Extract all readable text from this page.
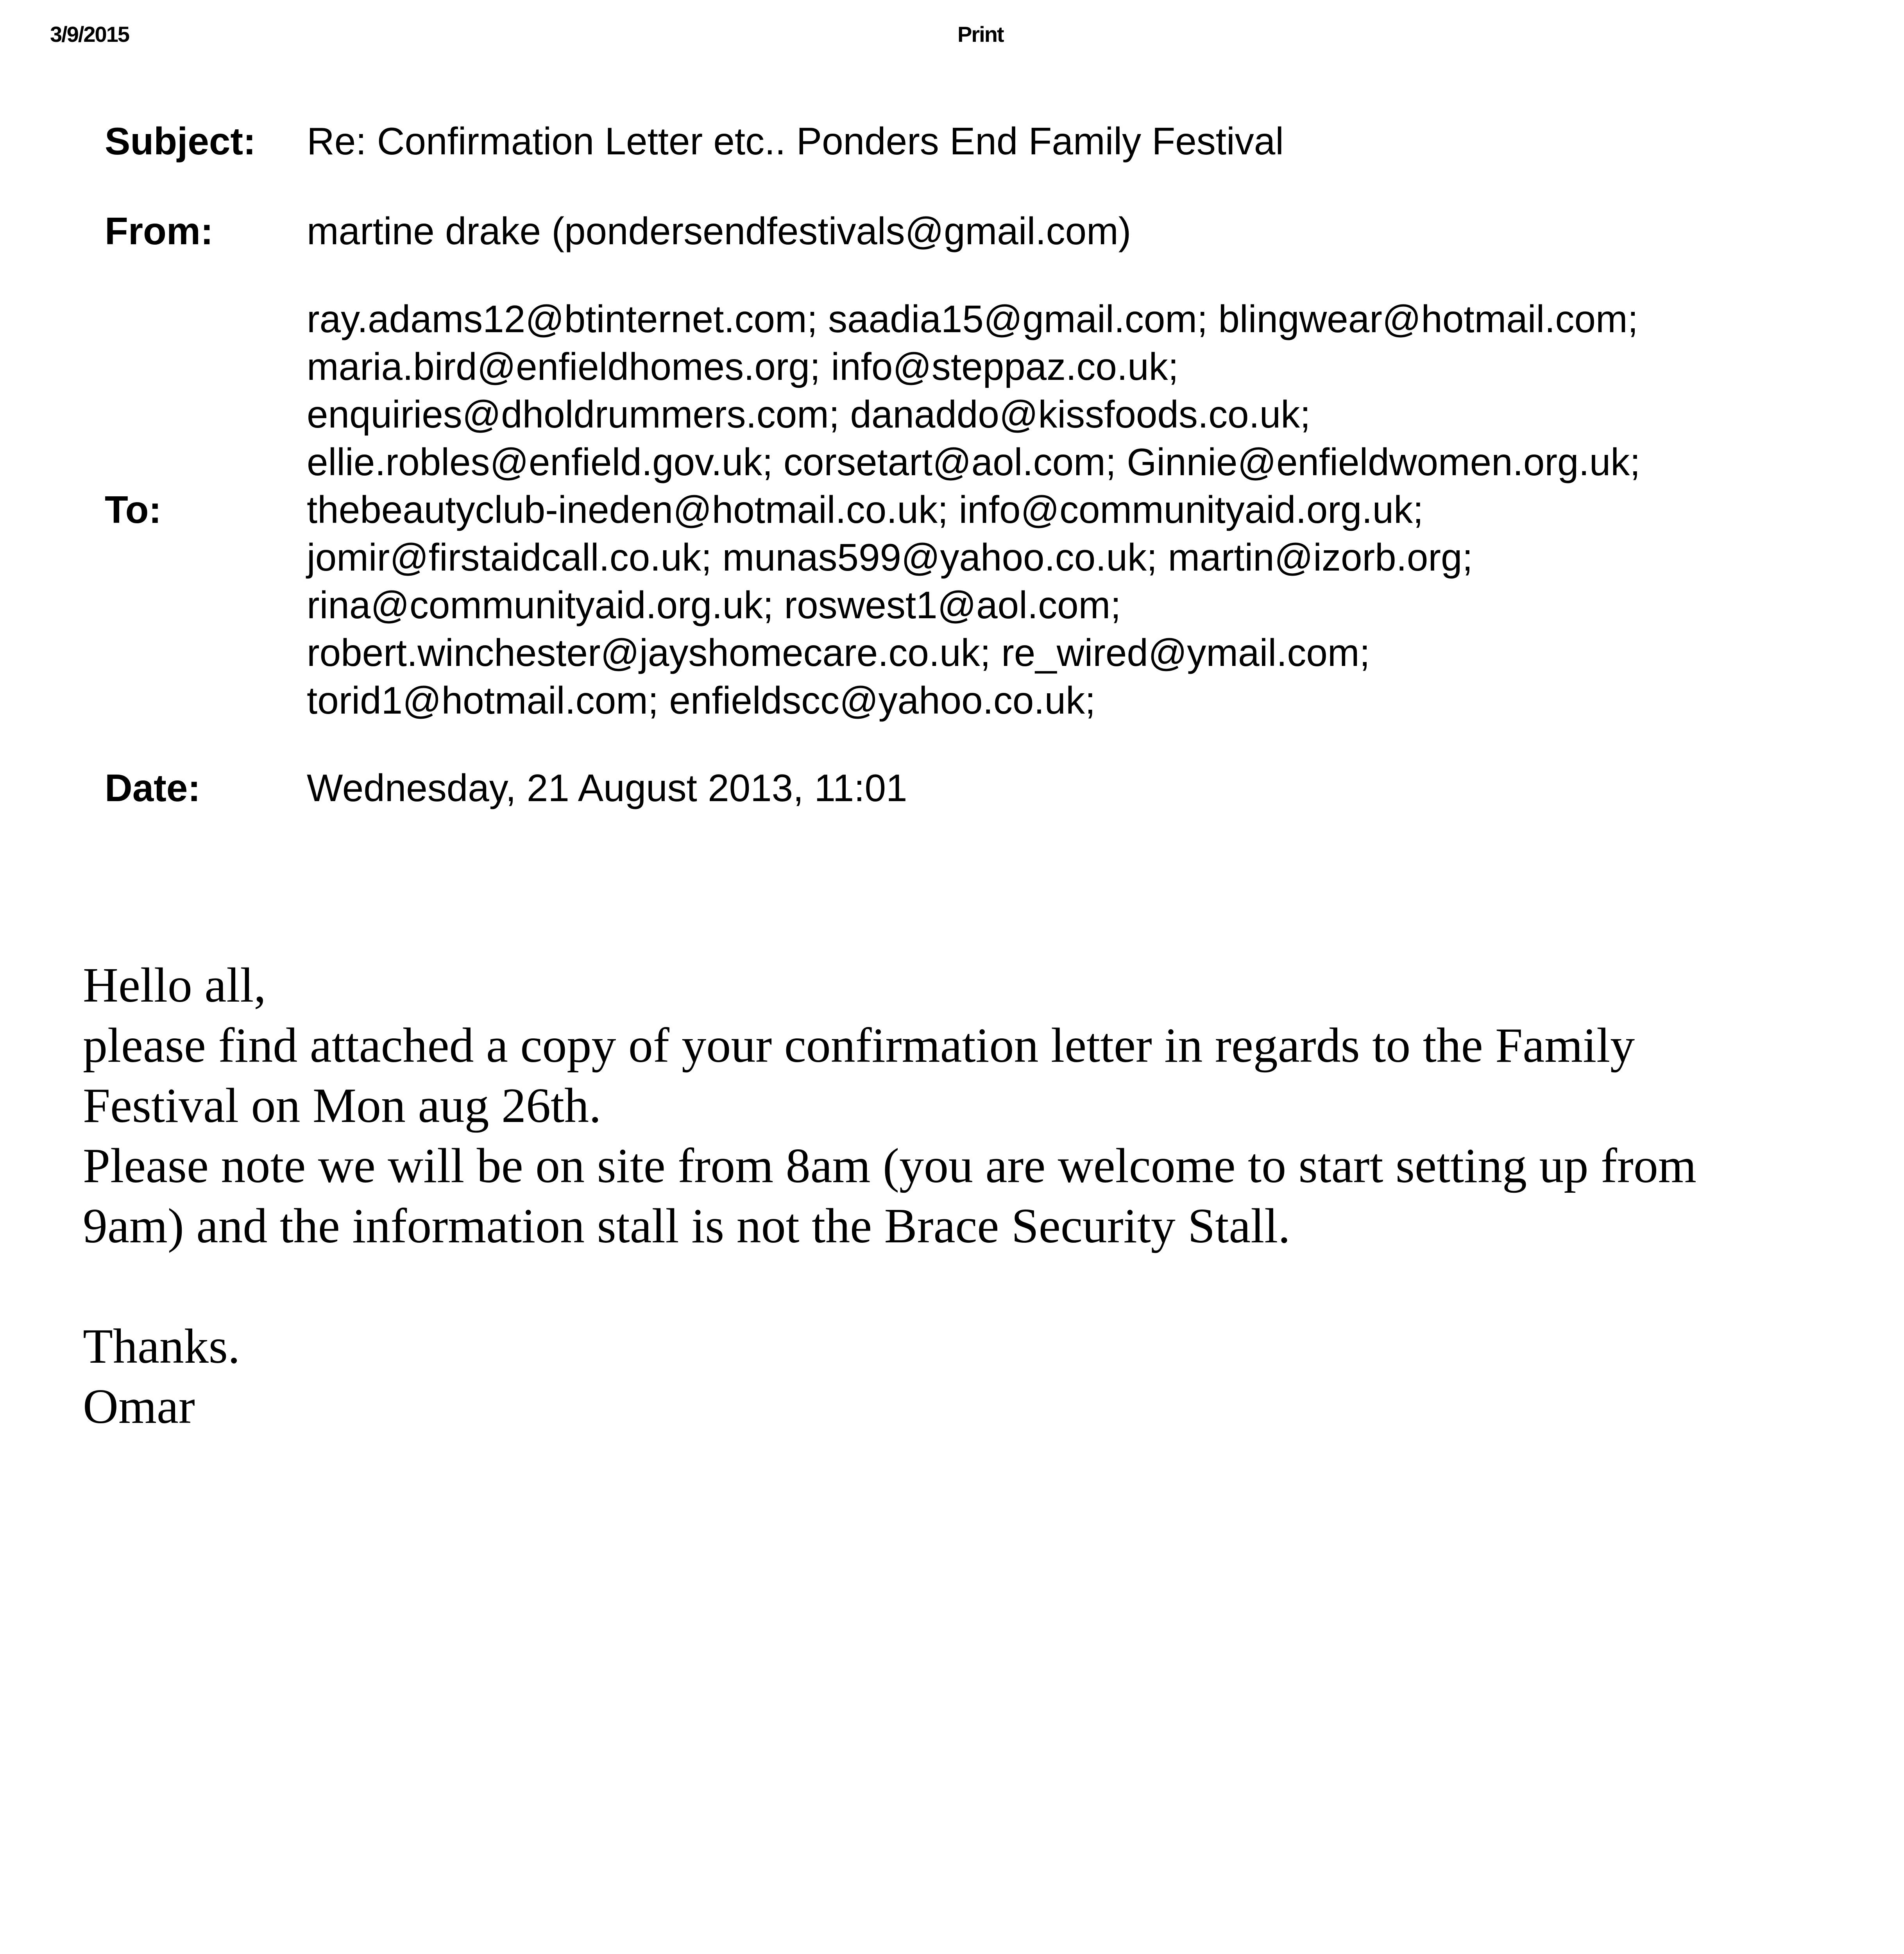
3/9/2015	Print
Subject: Re: Confirmation Letter etc.. Ponders End Family Festival
From: martine drake (pondersendfestivals@gmail.com)
To:
ray.adams12@btinternet.com; saadia15@gmail.com; blingwear@hotmail.com;
maria.bird@enfieldhomes.org; info@steppaz.co.uk;
enquiries@dholdrummers.com; danaddo@kissfoods.co.uk;
ellie.robles@enfield.gov.uk; corsetart@aol.com; Ginnie@enfieldwomen.org.uk;
thebeautyclub-ineden@hotmail.co.uk; info@communityaid.org.uk;
jomir@firstaidcall.co.uk; munas599@yahoo.co.uk; martin@izorb.org;
rina@communityaid.org.uk; roswest1@aol.com;
robert.winchester@jayshomecare.co.uk; re_wired@ymail.com;
torid1@hotmail.com; enfieldscc@yahoo.co.uk;
Date:	Wednesday, 21 August 2013, 11:01

Hello all,

please find attached a copy of your confirmation letter in regards to the Family

Festival on Mon aug 26th.

Please note we will be on site from 8am (you are welcome to start setting up from

9am) and the information stall is not the Brace Security Stall.

Thanks.

Omar
